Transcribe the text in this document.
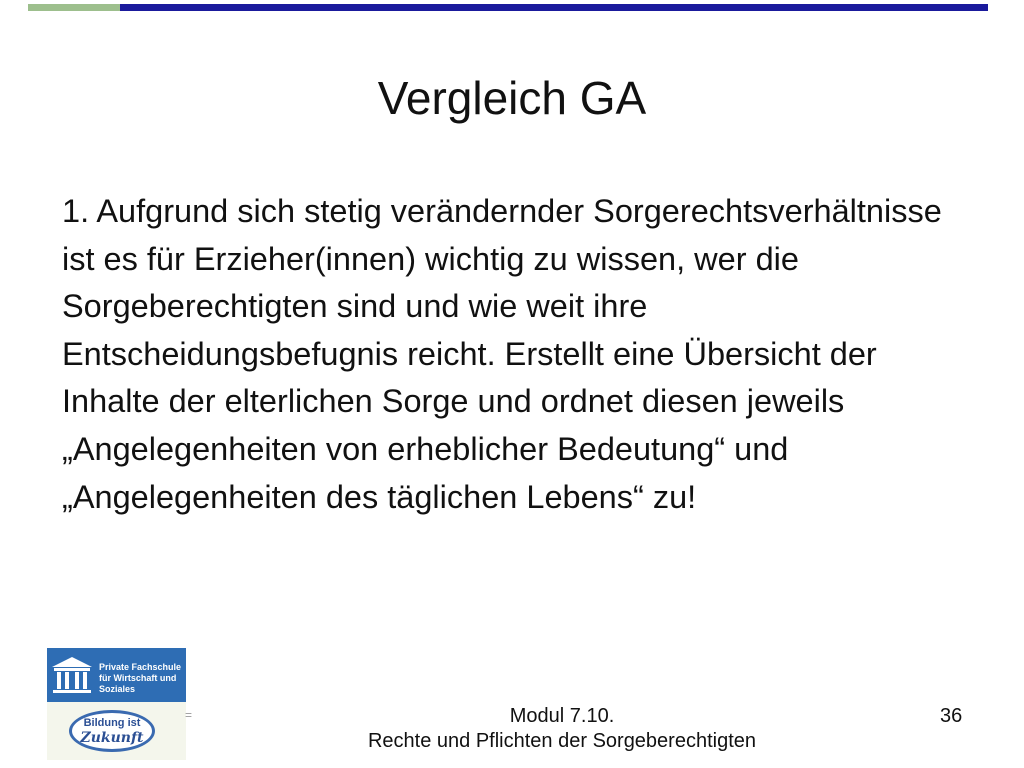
Vergleich GA
1. Aufgrund sich stetig verändernder Sorgerechtsverhältnisse ist es für Erzieher(innen) wichtig zu wissen, wer die Sorgeberechtigten sind und wie weit ihre Entscheidungsbefugnis reicht. Erstellt eine Übersicht der Inhalte der elterlichen Sorge und ordnet diesen jeweils „Angelegenheiten von erheblicher Bedeutung“ und „Angelegenheiten des täglichen Lebens“ zu!
Private Fachschule für Wirtschaft und Soziales
Bildung ist
Zukunft
=	Modul 7.10.
Rechte und Pflichten der Sorgeberechtigten
36
